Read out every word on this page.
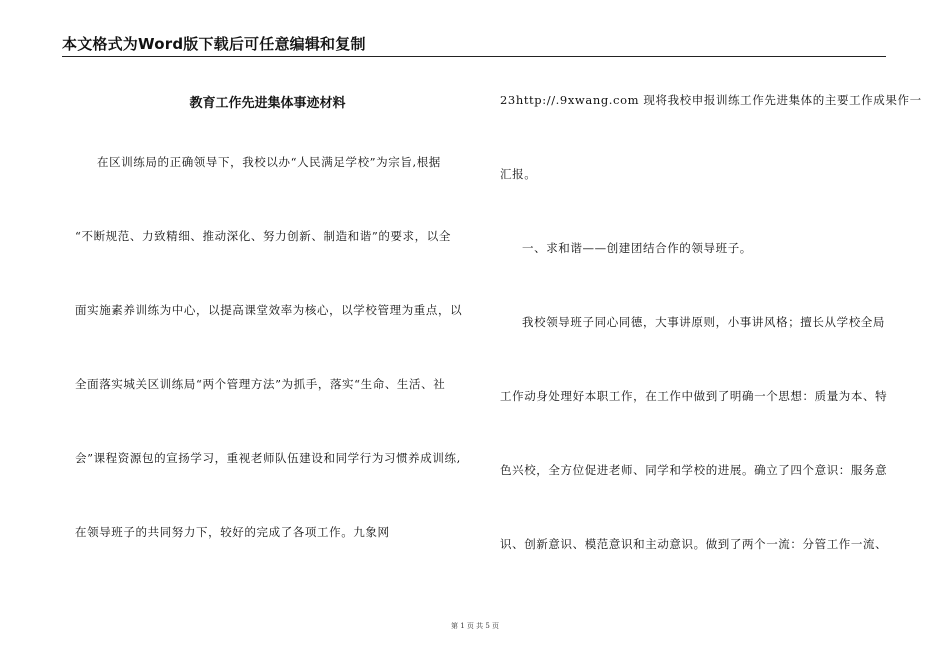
本文格式为Word版下载后可任意编辑和复制
教育工作先进集体事迹材料
在区训练局的正确领导下，我校以办“人民满足学校”为宗旨,根据
“不断规范、力致精细、推动深化、努力创新、制造和谐”的要求，以全
面实施素养训练为中心，以提高课堂效率为核心，以学校管理为重点，以
全面落实城关区训练局“两个管理方法”为抓手，落实“生命、生活、社
会”课程资源包的宣扬学习，重视老师队伍建设和同学行为习惯养成训练,
在领导班子的共同努力下，较好的完成了各项工作。九象网
23http://.9xwang.com 现将我校申报训练工作先进集体的主要工作成果作一
汇报。
一、求和谐——创建团结合作的领导班子。
我校领导班子同心同德，大事讲原则，小事讲风格；擅长从学校全局
工作动身处理好本职工作，在工作中做到了明确一个思想：质量为本、特
色兴校，全方位促进老师、同学和学校的进展。确立了四个意识：服务意
识、创新意识、模范意识和主动意识。做到了两个一流：分管工作一流、
第 1 页 共 5 页
